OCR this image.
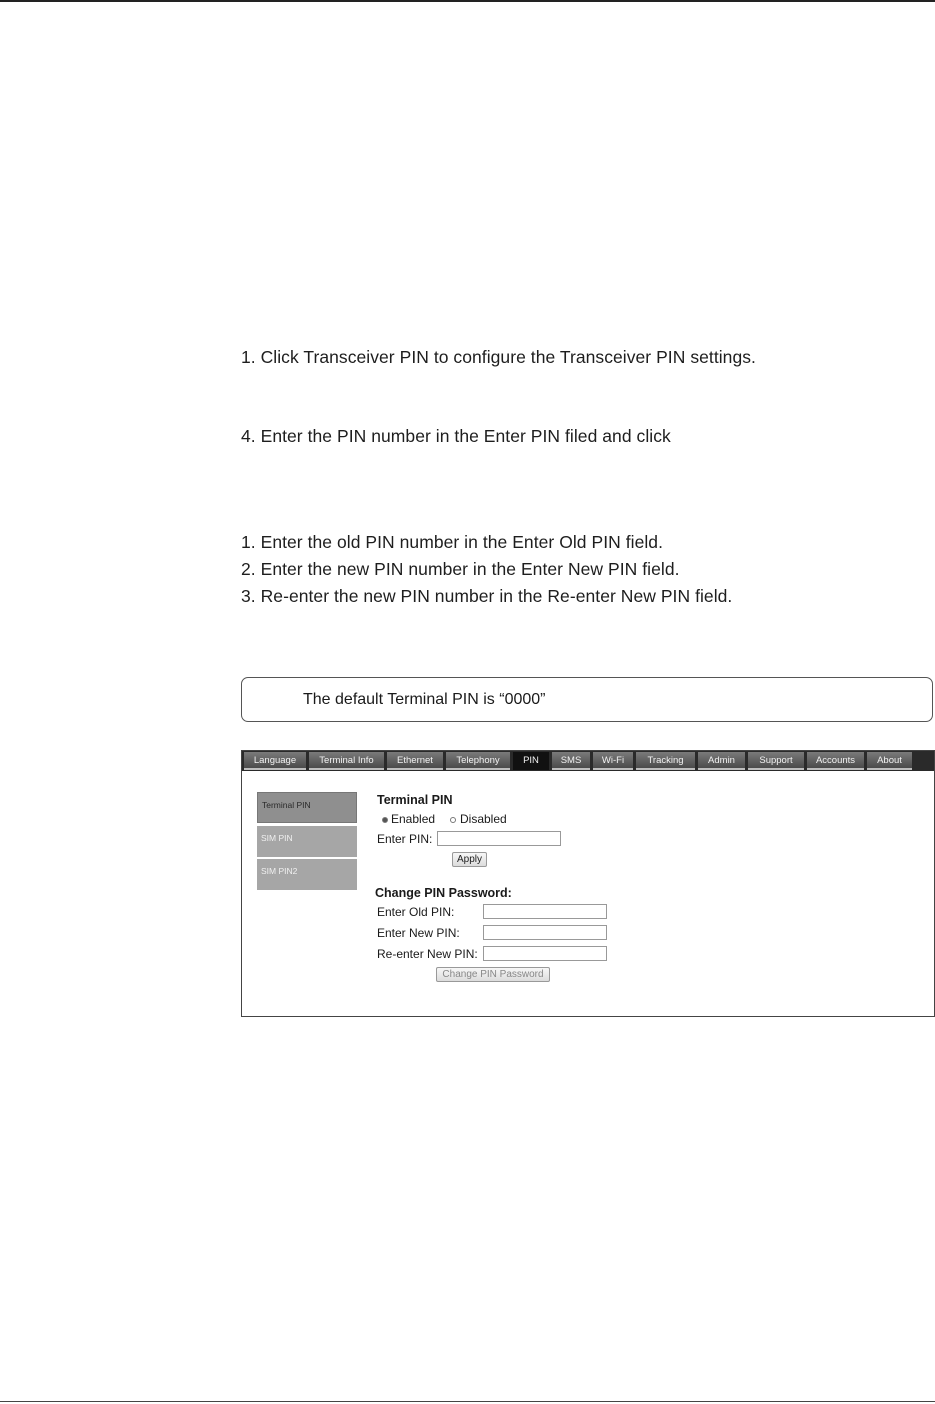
1. Click Transceiver PIN to configure the Transceiver PIN settings.
4. Enter the PIN number in the Enter PIN filed and click
1. Enter the old PIN number in the Enter Old PIN field.
2. Enter the new PIN number in the Enter New PIN field.
3. Re-enter the new PIN number in the Re-enter New PIN field.
The default Terminal PIN is “0000”
Language	Terminal Info	Ethernet	Telephony	PIN	SMS	Wi-Fi	Tracking	Admin	Support	Accounts	About
Terminal PIN
SIM PIN
SIM PIN2
Terminal PIN
Enabled Disabled
Enter PIN:
Apply
Change PIN Password:
Enter Old PIN:
Enter New PIN:
Re-enter New PIN:
Change PIN Password
